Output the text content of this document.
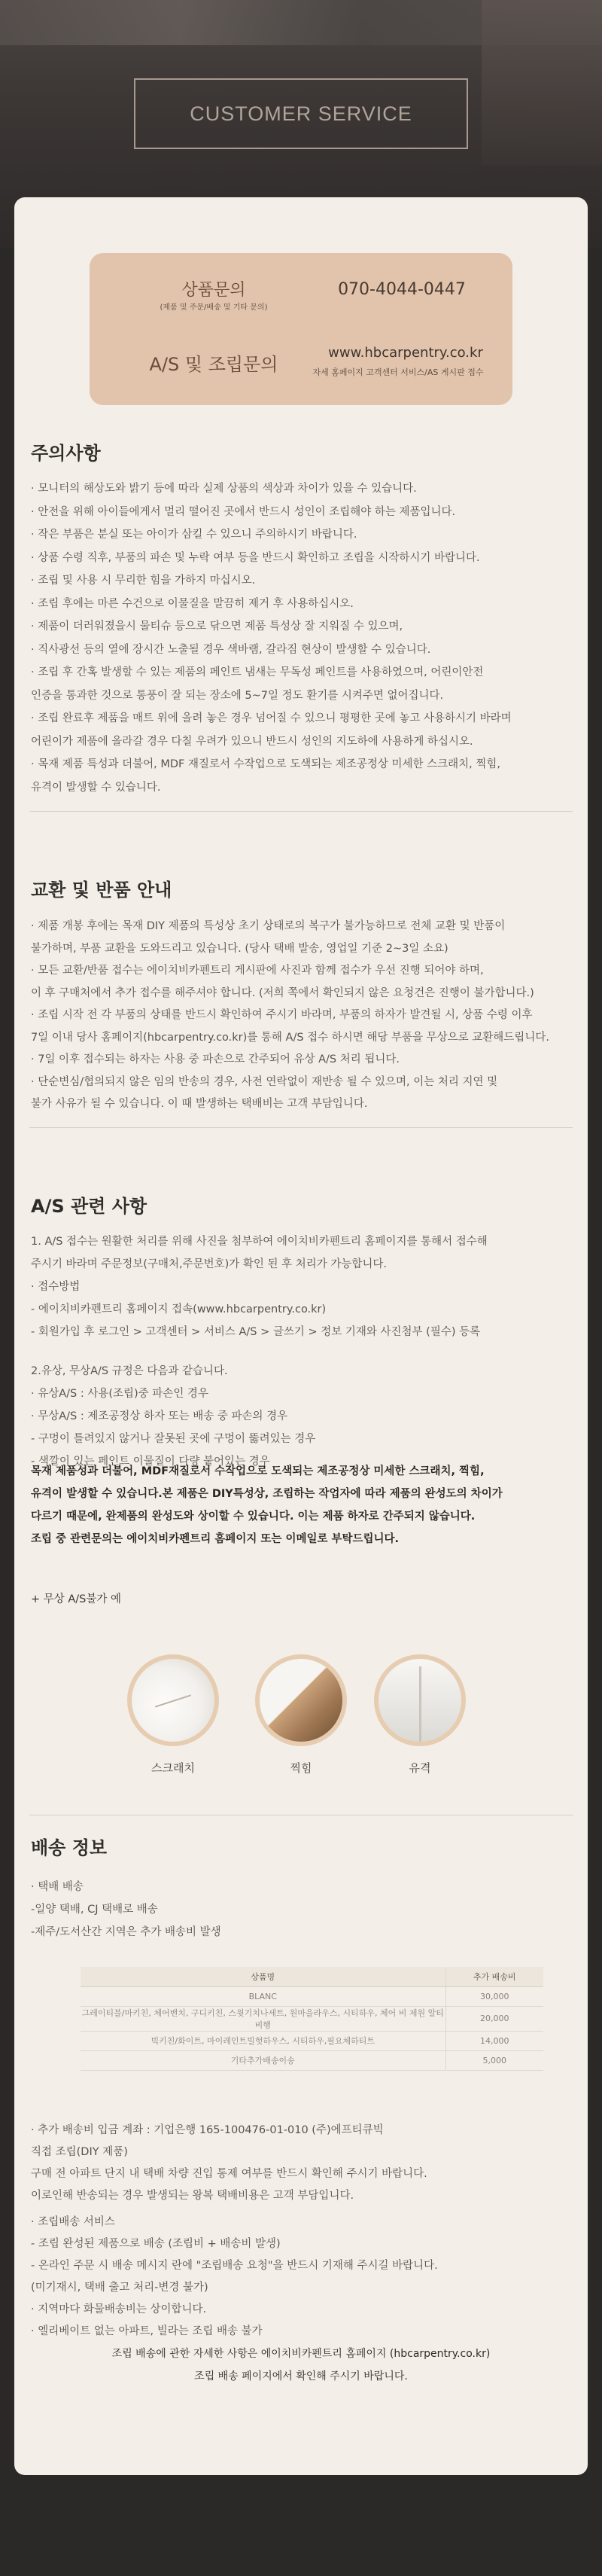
CUSTOMER SERVICE
상품문의
(제품 및 주문/배송 및 기타 문의)
070-4044-0447
A/S 및 조립문의
www.hbcarpentry.co.kr
자세 홈페이지 고객센터 서비스/AS 게시판 접수
주의사항
· 모니터의 해상도와 밝기 등에 따라 실제 상품의 색상과 차이가 있을 수 있습니다.
· 안전을 위해 아이들에게서 멀리 떨어진 곳에서 반드시 성인이 조립해야 하는 제품입니다.
· 작은 부품은 분실 또는 아이가 삼킬 수 있으니 주의하시기 바랍니다.
· 상품 수령 직후, 부품의 파손 및 누락 여부 등을 반드시 확인하고 조립을 시작하시기 바랍니다.
· 조립 및 사용 시 무리한 힘을 가하지 마십시오.
· 조립 후에는 마른 수건으로 이물질을 말끔히 제거 후 사용하십시오.
· 제품이 더러워졌을시 물티슈 등으로 닦으면 제품 특성상 잘 지워질 수 있으며,
· 직사광선 등의 열에 장시간 노출될 경우 색바램, 갈라짐 현상이 발생할 수 있습니다.
· 조립 후 간혹 발생할 수 있는 제품의 페인트 냄새는 무독성 페인트를 사용하였으며, 어린이안전
인증을 통과한 것으로 통풍이 잘 되는 장소에 5~7일 정도 환기를 시켜주면 없어집니다.
· 조립 완료후 제품을 매트 위에 올려 놓은 경우 넘어질 수 있으니 평평한 곳에 놓고 사용하시기 바라며
어린이가 제품에 올라갈 경우 다칠 우려가 있으니 반드시 성인의 지도하에 사용하게 하십시오.
· 목재 제품 특성과 더불어, MDF 재질로서 수작업으로 도색되는 제조공정상 미세한 스크래치, 찍힘,
유격이 발생할 수 있습니다.
교환 및 반품 안내
· 제품 개봉 후에는 목재 DIY 제품의 특성상 초기 상태로의 복구가 불가능하므로 전체 교환 및 반품이
불가하며, 부품 교환을 도와드리고 있습니다. (당사 택배 발송, 영업일 기준 2~3일 소요)
· 모든 교환/반품 접수는 에이치비카펜트리 게시판에 사진과 함께 접수가 우선 진행 되어야 하며,
이 후 구매처에서 추가 접수를 해주셔야 합니다. (저희 쪽에서 확인되지 않은 요청건은 진행이 불가합니다.)
· 조립 시작 전 각 부품의 상태를 반드시 확인하여 주시기 바라며, 부품의 하자가 발견될 시, 상품 수령 이후
7일 이내 당사 홈페이지(hbcarpentry.co.kr)를 통해 A/S 접수 하시면 해당 부품을 무상으로 교환해드립니다.
· 7일 이후 접수되는 하자는 사용 중 파손으로 간주되어 유상 A/S 처리 됩니다.
· 단순변심/협의되지 않은 임의 반송의 경우, 사전 연락없이 재반송 될 수 있으며, 이는 처리 지연 및
불가 사유가 될 수 있습니다. 이 때 발생하는 택배비는 고객 부담입니다.
A/S 관련 사항
1. A/S 접수는 원활한 처리를 위해 사진을 첨부하여 에이치비카펜트리 홈페이지를 통해서 접수해
주시기 바라며 주문정보(구매처,주문번호)가 확인 된 후 처리가 가능합니다.
· 접수방법
- 에이치비카펜트리 홈페이지 접속(www.hbcarpentry.co.kr)
- 회원가입 후 로그인 > 고객센터 > 서비스 A/S > 글쓰기 > 정보 기재와 사진첨부 (필수) 등록
2.유상, 무상A/S 규정은 다음과 같습니다.
· 유상A/S : 사용(조립)중 파손인 경우
· 무상A/S : 제조공정상 하자 또는 배송 중 파손의 경우
- 구멍이 틀려있지 않거나 잘못된 곳에 구멍이 뚫려있는 경우
- 색깔이 있는 페인트 이물질이 다량 붙어있는 경우
목재 제품성과 더불어, MDF재질로서 수작업으로 도색되는 제조공정상 미세한 스크래치, 찍힘,
유격이 발생할 수 있습니다.본 제품은 DIY특성상, 조립하는 작업자에 따라 제품의 완성도의 차이가
다르기 때문에, 완제품의 완성도와 상이할 수 있습니다. 이는 제품 하자로 간주되지 않습니다.
조립 중 관련문의는 에이치비카펜트리 홈페이지 또는 이메일로 부탁드립니다.
+ 무상 A/S불가 예
스크래치	찍힘	유격
배송 정보
· 택배 배송
-일양 택배, CJ 택배로 배송
-제주/도서산간 지역은 추가 배송비 발생
상품명	추가 배송비
BLANC	30,000
그레이티블/마키친, 체어밴치, 구디키친, 스윗기치나세트, 원마을라우스, 시티하우, 체어 비 제원 알티비행	20,000
빅키친/화이트, 마이레인트빌헛하우스, 시티하우,필요체하티트	14,000
기타추가배송이송	5,000
· 추가 배송비 입금 계좌 : 기업은행 165-100476-01-010 (주)에프티큐빅
직접 조립(DIY 제품)
구매 전 아파트 단지 내 택배 차량 진입 통제 여부를 반드시 확인해 주시기 바랍니다.
이로인해 반송되는 경우 발생되는 왕복 택배비용은 고객 부담입니다.
· 조립배송 서비스
- 조립 완성된 제품으로 배송 (조립비 + 배송비 발생)
- 온라인 주문 시 배송 메시지 란에 "조립배송 요청"을 반드시 기재해 주시길 바랍니다.
(미기재시, 택배 출고 처리-변경 불가)
· 지역마다 화물배송비는 상이합니다.
· 엘리베이트 없는 아파트, 빌라는 조립 배송 불가
조립 배송에 관한 자세한 사항은 에이치비카펜트리 홈페이지 (hbcarpentry.co.kr)
조립 배송 페이지에서 확인해 주시기 바랍니다.
